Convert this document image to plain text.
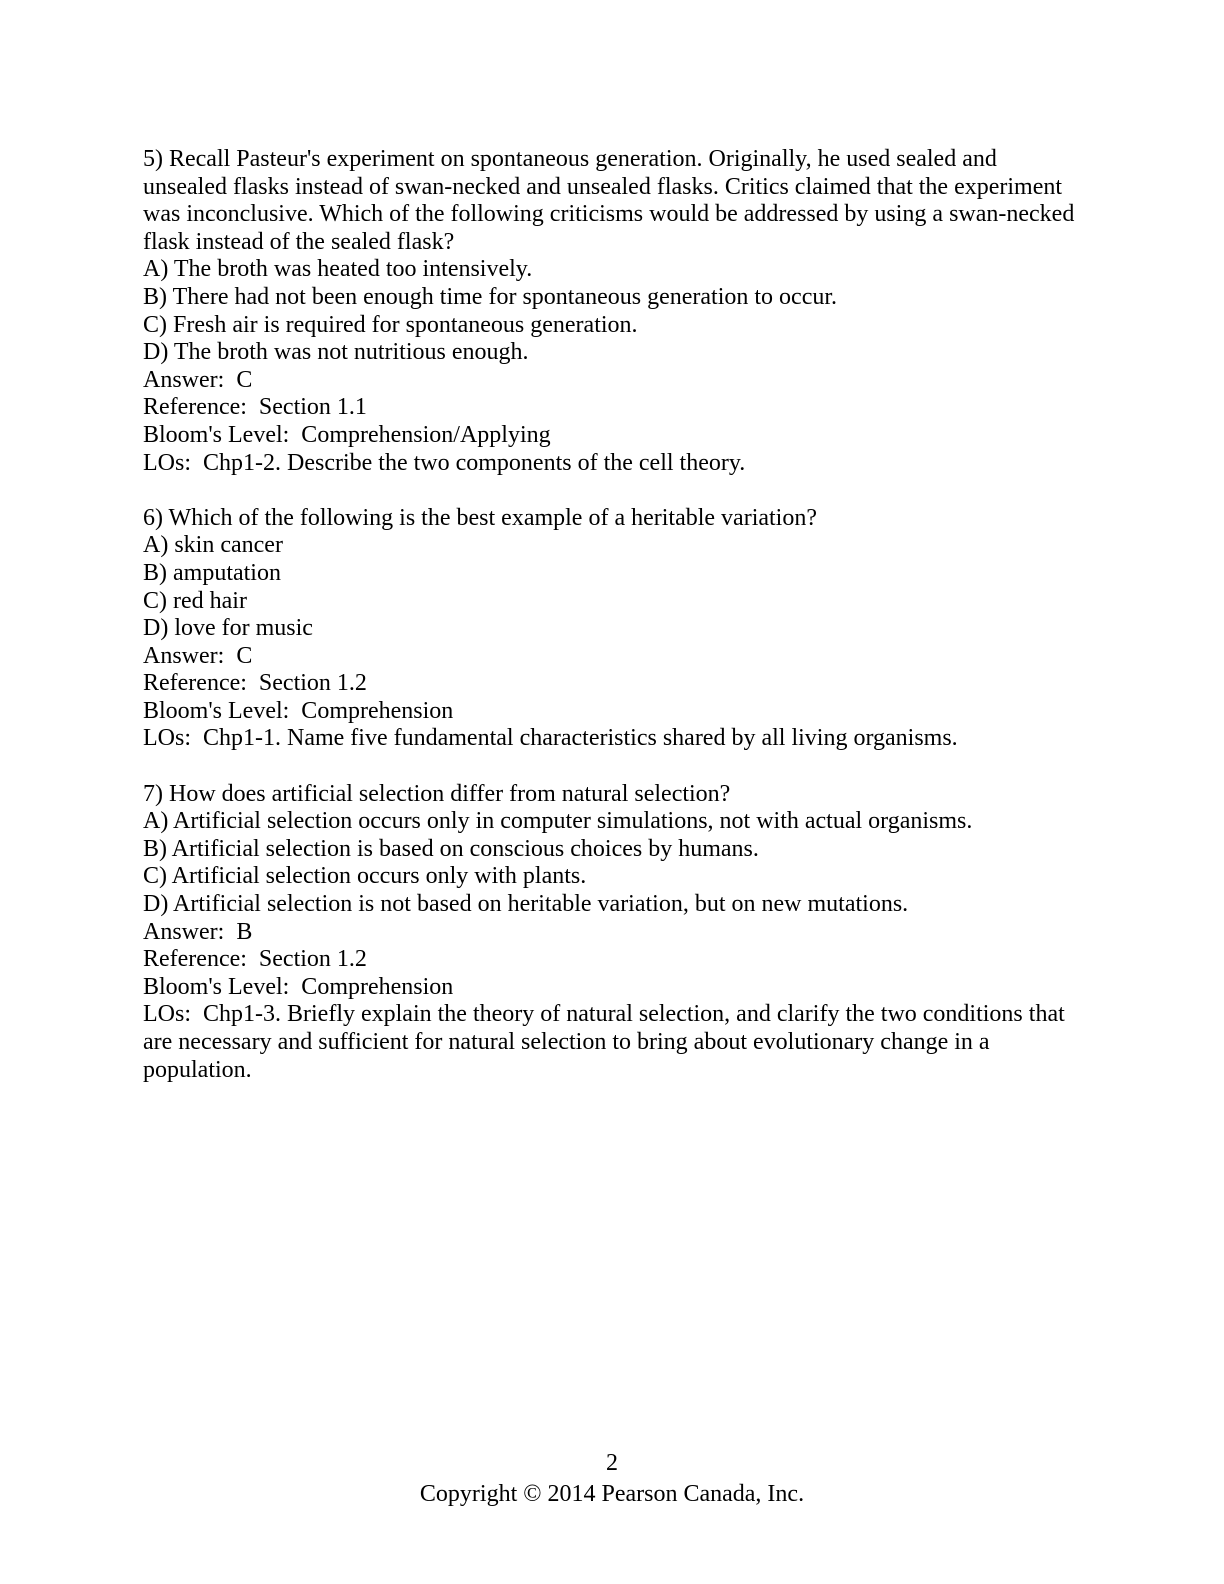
5) Recall Pasteur's experiment on spontaneous generation. Originally, he used sealed and unsealed flasks instead of swan-necked and unsealed flasks. Critics claimed that the experiment was inconclusive. Which of the following criticisms would be addressed by using a swan-necked flask instead of the sealed flask?

A) The broth was heated too intensively.

B) There had not been enough time for spontaneous generation to occur.

C) Fresh air is required for spontaneous generation.

D) The broth was not nutritious enough.

Answer:  C

Reference:  Section 1.1

Bloom's Level:  Comprehension/Applying

LOs:  Chp1-2. Describe the two components of the cell theory.

6) Which of the following is the best example of a heritable variation?

A) skin cancer

B) amputation

C) red hair

D) love for music

Answer:  C

Reference:  Section 1.2

Bloom's Level:  Comprehension

LOs:  Chp1-1. Name five fundamental characteristics shared by all living organisms.

7) How does artificial selection differ from natural selection?

A) Artificial selection occurs only in computer simulations, not with actual organisms.

B) Artificial selection is based on conscious choices by humans.

C) Artificial selection occurs only with plants.

D) Artificial selection is not based on heritable variation, but on new mutations.

Answer:  B

Reference:  Section 1.2

Bloom's Level:  Comprehension

LOs:  Chp1-3. Briefly explain the theory of natural selection, and clarify the two conditions that are necessary and sufficient for natural selection to bring about evolutionary change in a population.

2
Copyright © 2014 Pearson Canada, Inc.
